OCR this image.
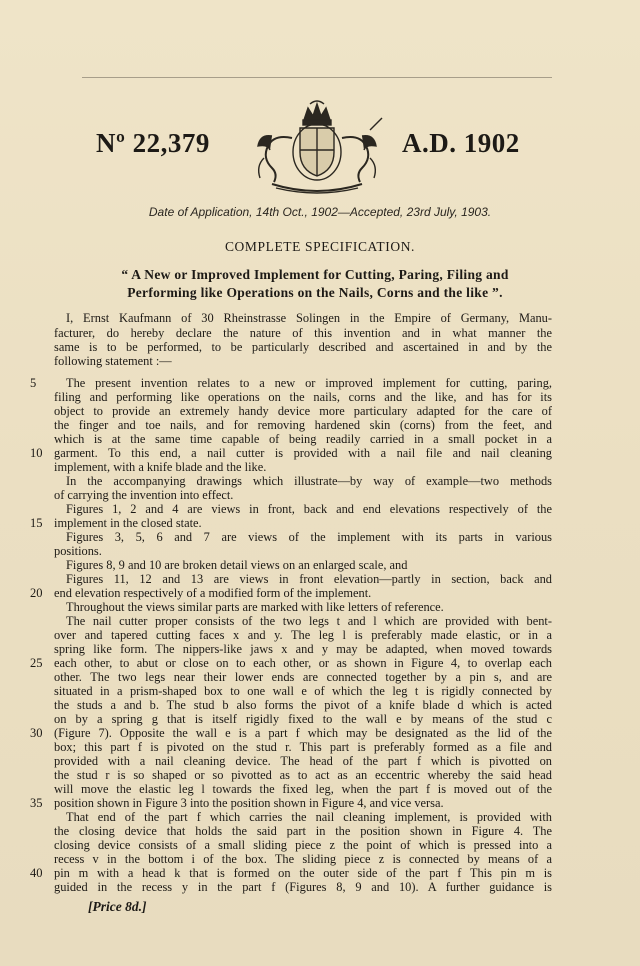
Nº 22,379	A.D. 1902
Date of Application, 14th Oct., 1902—Accepted, 23rd July, 1903.
COMPLETE SPECIFICATION.
“ A New or Improved Implement for Cutting, Paring, Filing and
Performing like Operations on the Nails, Corns and the like ”.
I, Ernst Kaufmann of 30 Rheinstrasse Solingen in the Empire of Germany, Manu-
facturer, do hereby declare the nature of this invention and in what manner the
same is to be performed, to be particularly described and ascertained in and by the
following statement :—
The present invention relates to a new or improved implement for cutting, paring,
5
filing and performing like operations on the nails, corns and the like, and has for its
object to provide an extremely handy device more particulary adapted for the care of
the finger and toe nails, and for removing hardened skin (corns) from the feet, and
which is at the same time capable of being readily carried in a small pocket in a
garment. To this end, a nail cutter is provided with a nail file and nail cleaning
10
implement, with a knife blade and the like.
In the accompanying drawings which illustrate—by way of example—two methods
of carrying the invention into effect.
Figures 1, 2 and 4 are views in front, back and end elevations respectively of the
implement in the closed state.
15
Figures 3, 5, 6 and 7 are views of the implement with its parts in various
positions.
Figures 8, 9 and 10 are broken detail views on an enlarged scale, and
Figures 11, 12 and 13 are views in front elevation—partly in section, back and
end elevation respectively of a modified form of the implement.
20
Throughout the views similar parts are marked with like letters of reference.
The nail cutter proper consists of the two legs t and l which are provided with bent-
over and tapered cutting faces x and y. The leg l is preferably made elastic, or in a
spring like form. The nippers-like jaws x and y may be adapted, when moved towards
each other, to abut or close on to each other, or as shown in Figure 4, to overlap each
25
other. The two legs near their lower ends are connected together by a pin s, and are
situated in a prism-shaped box to one wall e of which the leg t is rigidly connected by
the studs a and b. The stud b also forms the pivot of a knife blade d which is acted
on by a spring g that is itself rigidly fixed to the wall e by means of the stud c
(Figure 7). Opposite the wall e is a part f which may be designated as the lid of the
30
box; this part f is pivoted on the stud r. This part is preferably formed as a file and
provided with a nail cleaning device. The head of the part f which is pivotted on
the stud r is so shaped or so pivotted as to act as an eccentric whereby the said head
will move the elastic leg l towards the fixed leg, when the part f is moved out of the
position shown in Figure 3 into the position shown in Figure 4, and vice versa.
35
That end of the part f which carries the nail cleaning implement, is provided with
the closing device that holds the said part in the position shown in Figure 4. The
closing device consists of a small sliding piece z the point of which is pressed into a
recess v in the bottom i of the box. The sliding piece z is connected by means of a
pin m with a head k that is formed on the outer side of the part f This pin m is
40
guided in the recess y in the part f (Figures 8, 9 and 10). A further guidance is
[Price 8d.]
